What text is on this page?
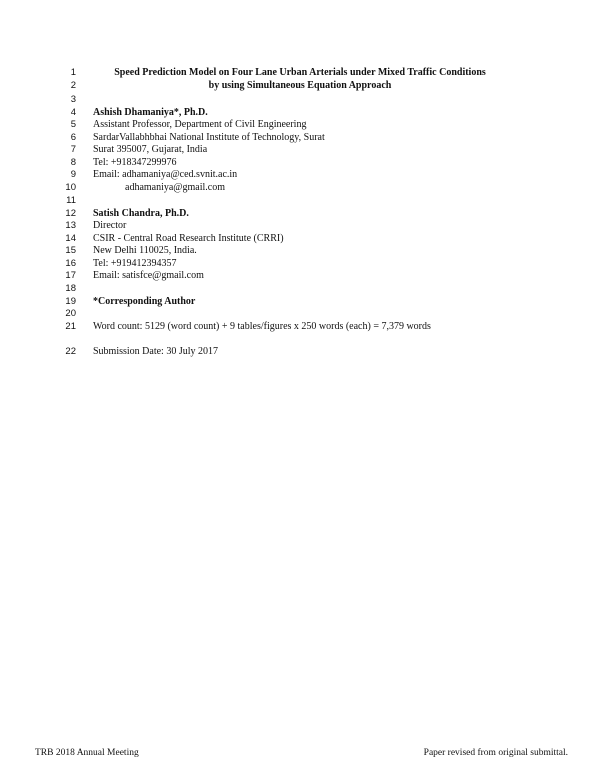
1	Speed Prediction Model on Four Lane Urban Arterials under Mixed Traffic Conditions
2	by using Simultaneous Equation Approach
3
4 Ashish Dhamaniya*, Ph.D.
5 Assistant Professor, Department of Civil Engineering
6 SardarVallabhbhai National Institute of Technology, Surat
7 Surat 395007, Gujarat, India
8 Tel: +918347299976
9 Email: adhamaniya@ced.svnit.ac.in
10	adhamaniya@gmail.com
11
12 Satish Chandra, Ph.D.
13 Director
14 CSIR - Central Road Research Institute (CRRI)
15 New Delhi 110025, India.
16 Tel: +919412394357
17 Email: satisfce@gmail.com
18
19 *Corresponding Author
20
21 Word count: 5129 (word count) + 9 tables/figures x 250 words (each) = 7,379 words
22 Submission Date: 30 July 2017
TRB 2018 Annual Meeting	Paper revised from original submittal.
